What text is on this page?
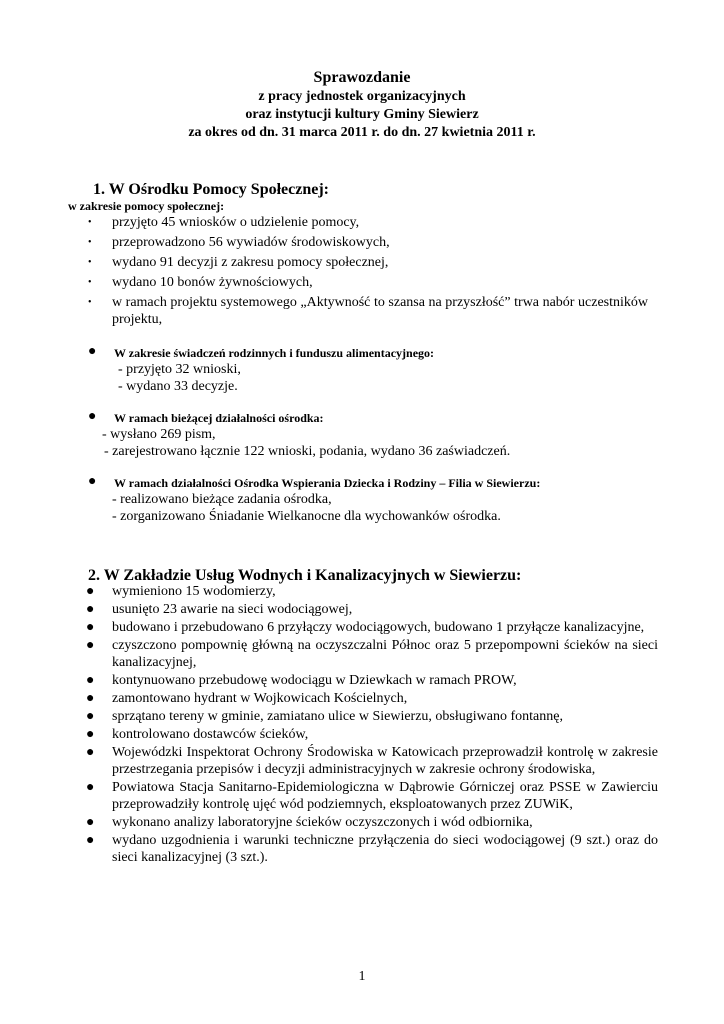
Sprawozdanie
z pracy jednostek organizacyjnych
oraz instytucji kultury Gminy Siewierz
za okres od dn. 31 marca 2011 r. do dn. 27 kwietnia 2011 r.
1. W Ośrodku Pomocy Społecznej:
w zakresie pomocy społecznej:
• przyjęto 45 wniosków o udzielenie pomocy,
• przeprowadzono 56 wywiadów środowiskowych,
• wydano 91 decyzji z zakresu pomocy społecznej,
• wydano 10 bonów żywnościowych,
• w ramach projektu systemowego „Aktywność to szansa na przyszłość” trwa nabór uczestników projektu,
● W zakresie świadczeń rodzinnych i funduszu alimentacyjnego:
- przyjęto 32 wnioski,
- wydano 33 decyzje.
● W ramach bieżącej działalności ośrodka:
- wysłano 269 pism,
- zarejestrowano łącznie 122 wnioski, podania, wydano 36 zaświadczeń.
● W ramach działalności Ośrodka Wspierania Dziecka i Rodziny – Filia w Siewierzu:
- realizowano bieżące zadania ośrodka,
- zorganizowano Śniadanie Wielkanocne dla wychowanków ośrodka.
2. W Zakładzie Usług Wodnych i Kanalizacyjnych w Siewierzu:
● wymieniono 15 wodomierzy,
● usunięto 23 awarie na sieci wodociągowej,
● budowano i przebudowano 6 przyłączy wodociągowych, budowano 1 przyłącze kanalizacyjne,
● czyszczono pompownię główną na oczyszczalni Północ oraz 5 przepompowni ścieków na sieci kanalizacyjnej,
● kontynuowano przebudowę wodociągu w Dziewkach w ramach PROW,
● zamontowano hydrant w Wojkowicach Kościelnych,
● sprzątano tereny w gminie, zamiatano ulice w Siewierzu, obsługiwano fontannę,
● kontrolowano dostawców ścieków,
● Wojewódzki Inspektorat Ochrony Środowiska w Katowicach przeprowadził kontrolę w zakresie przestrzegania przepisów i decyzji administracyjnych w zakresie ochrony środowiska,
● Powiatowa Stacja Sanitarno-Epidemiologiczna w Dąbrowie Górniczej oraz PSSE w Zawierciu przeprowadziły kontrolę ujęć wód podziemnych, eksploatowanych przez ZUWiK,
● wykonano analizy laboratoryjne ścieków oczyszczonych i wód odbiornika,
● wydano uzgodnienia i warunki techniczne przyłączenia do sieci wodociągowej (9 szt.) oraz do sieci kanalizacyjnej (3 szt.).
1
